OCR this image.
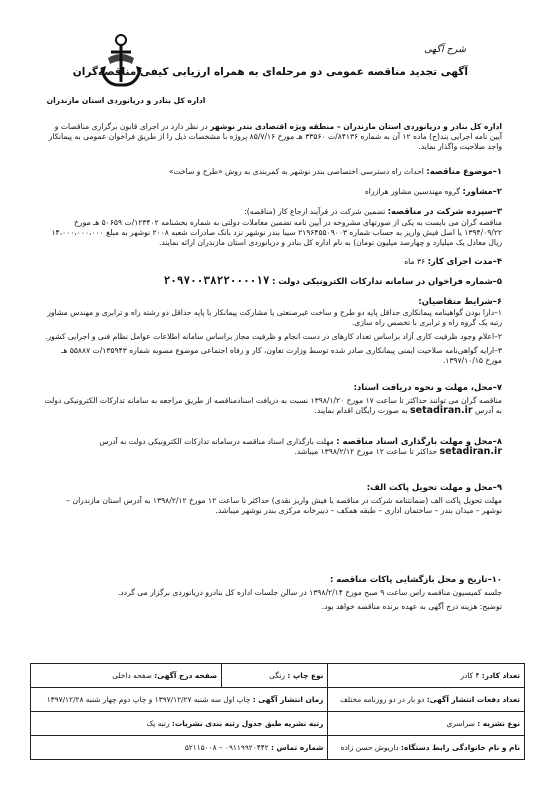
اداره کل بنادر و دریانوردی استان مازندران
شرح آگهی
آگهی تجدید مناقصه عمومی دو مرحله‌ای به همراه ارزیابی کیفی مناقصه‌گران
اداره کل بنادر و دریانوردی استان مازندران – منطقه ویژه اقتصادی بندر نوشهر در نظر دارد در اجرای قانون برگزاری مناقصات و آیین نامه اجرایی بند(ج) ماده ۱۲ آن به شماره ۸۴۱۳۶/ت ۳۳۵۶۰ هـ مورخ ۸۵/۷/۱۶ پروژه با مشخصات ذیل را از طریق فراخوان عمومی به پیمانکار واجد صلاحیت واگذار نماید.
۱–موضوع مناقصه: احداث راه دسترسی اختصاصی بندر نوشهر به کمربندی به روش «طرح و ساخت»
۲–مشاور: گروه مهندسین مشاور هرازراه
۳–سپرده شرکت در مناقصه: تضمین شرکت در فرآیند ارجاع کار (مناقصه):
مناقصه گران می بایست به یکی از صورتهای مشروحه در آیین نامه تضمین معاملات دولتی به شماره بخشنامه ۱۲۳۴۰۲/ت ۵۰۶۵۹ هـ مورخ ۱۳۹۴/۰۹/۲۲ یا اصل فیش واریز به حساب شماره ۲۱۹۶۴۵۵۰۹۰۰۳ سیبا بندر نوشهر نزد بانک صادرات شعبه ۲۰۰۸ نوشهر به مبلغ ۱۴،۰۰۰،۰۰۰،۰۰۰ ریال معادل یک میلیارد و چهارصد میلیون تومان) به نام اداره کل بنادر و دریانوردی استان مازندران ارائه نمایند.
۴–مدت اجرای کار: ۳۶ ماه
۵–شماره فراخوان در سامانه تدارکات الکترونیکی دولت : ۲۰۹۷۰۰۳۸۲۲۰۰۰۰۱۷
۶–شرایط متقاضیان:
۱–دارا بودن گواهینامه پیمانکاری حداقل پایه دو طرح و ساخت غیرصنعتی یا مشارکت پیمانکار با پایه حداقل دو رشته راه و ترابری و مهندس مشاور رتبه یک گروه راه و ترابری با تخصص راه سازی.
۲–اعلام وجود ظرفیت کاری آزاد براساس تعداد کارهای در دست انجام و ظرفیت مجاز براساس سامانه اطلاعات عوامل نظام فنی و اجرایی کشور.
۳–ارایه گواهی‌نامه صلاحیت ایمنی پیمانکاری صادر شده توسط وزارت تعاون، کار و رفاه اجتماعی موضوع مصوبه شماره ۱۳۵۹۴۳/ت ۵۵۸۸۷ هـ مورخ ۱۳۹۷/۱۰/۱۵.
۷–محل، مهلت و نحوه دریافت اسناد:
مناقصه گران می توانند حداکثر تا ساعت ۱۷ مورخ ۱۳۹۸/۱/۲۰ نسبت به دریافت اسنادمناقصه از طریق مراجعه به سامانه تدارکات الکترونیکی دولت به آدرس setadiran.ir به صورت رایگان اقدام نمایند.
۸–محل و مهلت بارگذاری اسناد مناقصه : مهلت بارگذاری اسناد مناقصه درسامانه تدارکات الکترونیکی دولت به آدرس setadiran.ir حداکثر تا ساعت ۱۲ مورخ ۱۳۹۸/۲/۱۲ میباشد.
۹–محل و مهلت تحویل پاکت الف:
مهلت تحویل پاکت الف (ضمانتنامه شرکت در مناقصه یا فیش واریز نقدی) حداکثر تا ساعت ۱۲ مورخ ۱۳۹۸/۲/۱۲ به آدرس استان مازندران – نوشهر – میدان بندر – ساختمان اداری – طبقه همکف – دبیرخانه مرکزی بندر نوشهر میباشد.
۱۰–تاریخ و محل بازگشایی پاکات مناقصه :
جلسه کمیسیون مناقصه راس ساعت ۹ صبح مورخ ۱۳۹۸/۲/۱۴ در سالن جلسات اداره کل بنادرو دریانوردی برگزار می گردد.
توضیح: هزینه درج آگهی به عهده برنده مناقصه خواهد بود.
تعداد کادر: ۴ کادر	نوع چاپ : رنگی	صفحه درج آگهی: صفحه داخلی
تعداد دفعات انتشار آگهی: دو بار در دو روزنامه مختلف	زمان انتشار آگهی : چاپ اول سه شنبه ۱۳۹۷/۱۲/۲۷ و چاپ دوم چهار شنبه ۱۳۹۷/۱۲/۲۸	
نوع نشریه : سراسری	رتبه نشریه طبق جدول رتبه بندی نشریات: رتبه یک	
نام و نام خانوادگی رابط دستگاه: داریوش حسن زاده	شماره تماس : ۰۹۱۱۹۹۲۰۴۴۲ – ۵۲۱۱۵۰۰۸	
